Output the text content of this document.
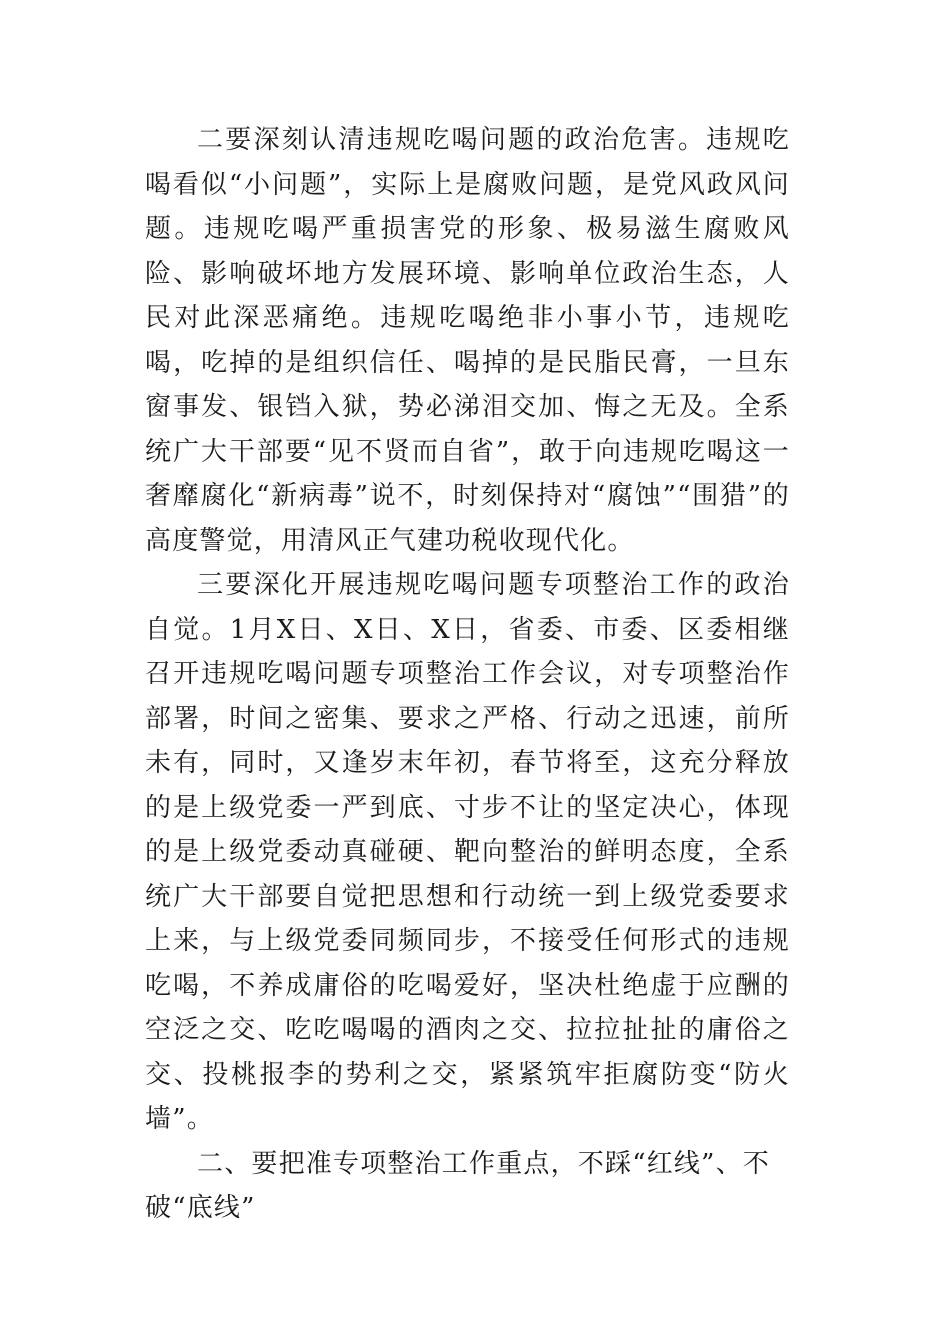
二要深刻认清违规吃喝问题的政治危害。违规吃喝看似“小问题”，实际上是腐败问题，是党风政风问题。违规吃喝严重损害党的形象、极易滋生腐败风险、影响破坏地方发展环境、影响单位政治生态，人民对此深恶痛绝。违规吃喝绝非小事小节，违规吃喝，吃掉的是组织信任、喝掉的是民脂民膏，一旦东窗事发、银铛入狱，势必涕泪交加、悔之无及。全系统广大干部要“见不贤而自省”，敢于向违规吃喝这一奢靡腐化“新病毒”说不，时刻保持对“腐蚀”“围猎”的高度警觉，用清风正气建功税收现代化。

三要深化开展违规吃喝问题专项整治工作的政治自觉。1月X日、X日、X日，省委、市委、区委相继召开违规吃喝问题专项整治工作会议，对专项整治作部署，时间之密集、要求之严格、行动之迅速，前所未有，同时，又逢岁末年初，春节将至，这充分释放的是上级党委一严到底、寸步不让的坚定决心，体现的是上级党委动真碰硬、靶向整治的鲜明态度，全系统广大干部要自觉把思想和行动统一到上级党委要求上来，与上级党委同频同步，不接受任何形式的违规吃喝，不养成庸俗的吃喝爱好，坚决杜绝虚于应酬的空泛之交、吃吃喝喝的酒肉之交、拉拉扯扯的庸俗之交、投桃报李的势利之交，紧紧筑牢拒腐防变“防火墙”。

二、要把准专项整治工作重点，不踩“红线”、不破“底线”
